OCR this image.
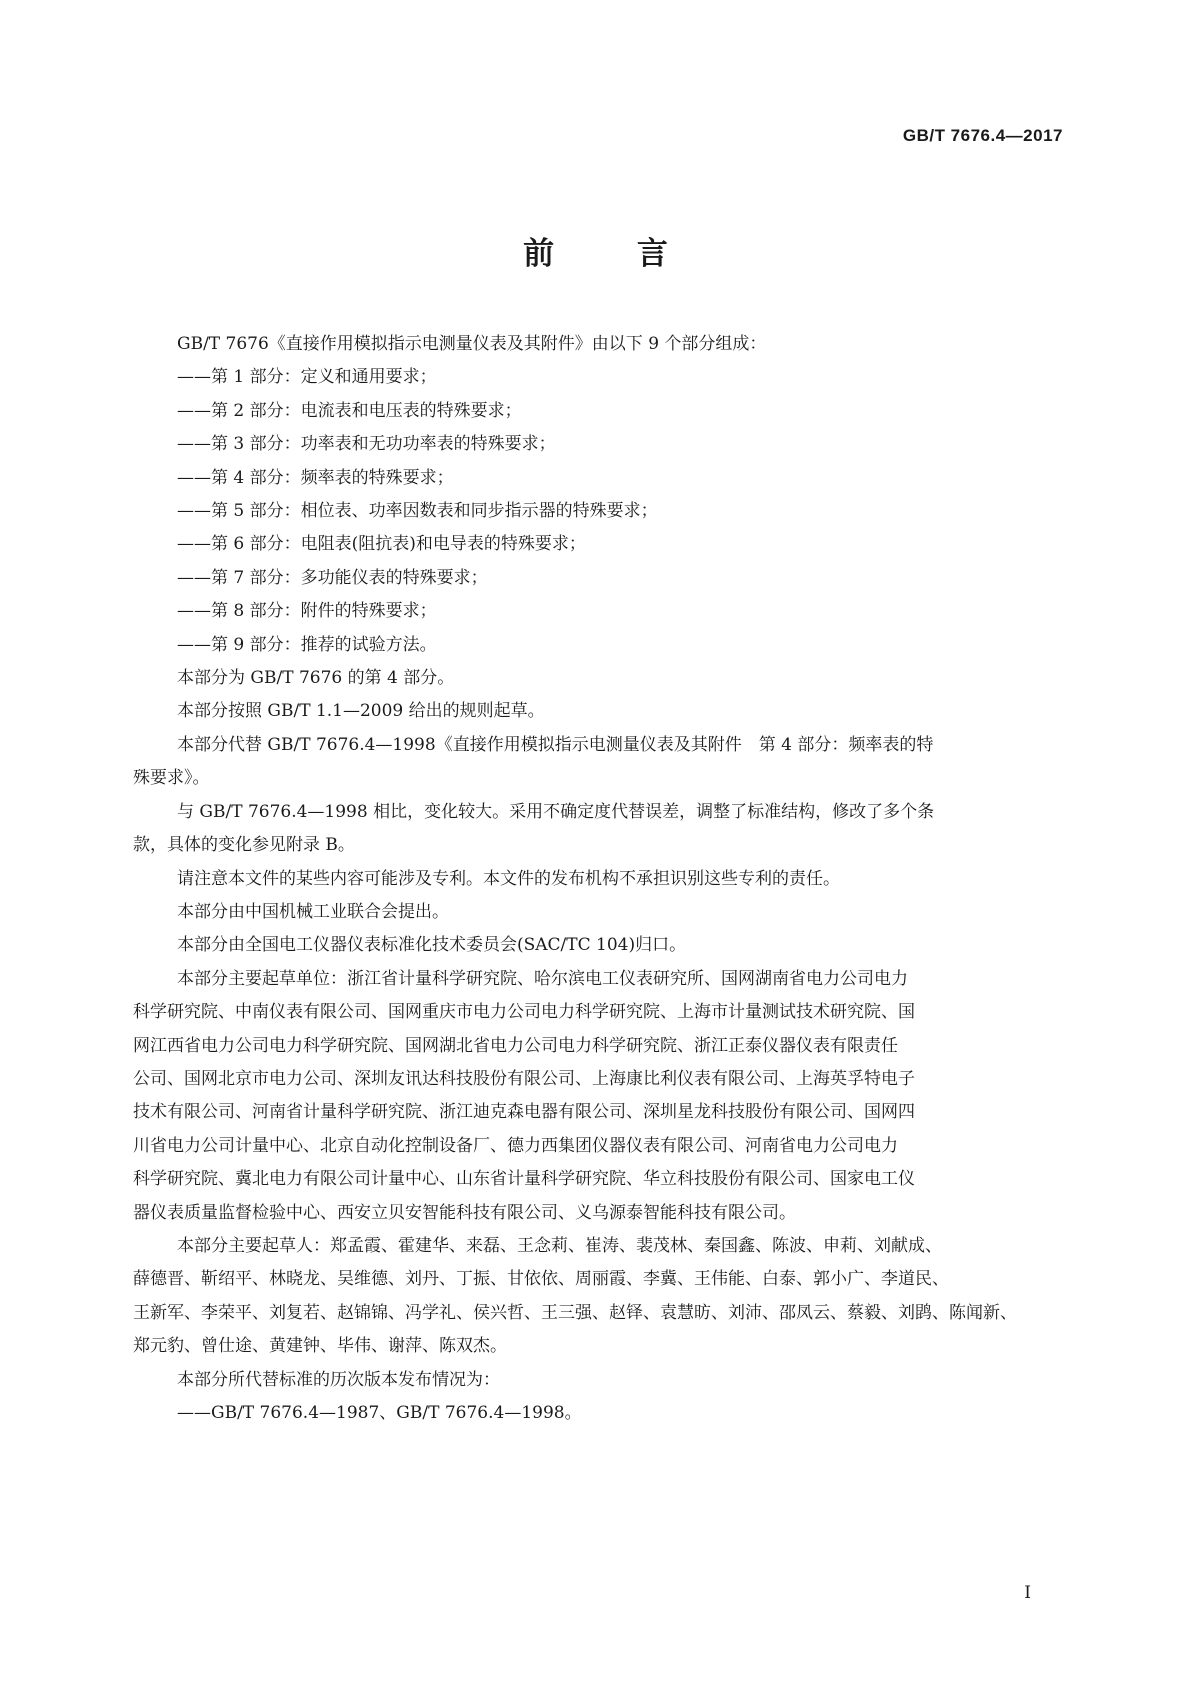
GB/T 7676.4—2017
前 言

GB/T 7676《直接作用模拟指示电测量仪表及其附件》由以下 9 个部分组成：

——第 1 部分：定义和通用要求；

——第 2 部分：电流表和电压表的特殊要求；

——第 3 部分：功率表和无功功率表的特殊要求；

——第 4 部分：频率表的特殊要求；

——第 5 部分：相位表、功率因数表和同步指示器的特殊要求；

——第 6 部分：电阻表(阻抗表)和电导表的特殊要求；

——第 7 部分：多功能仪表的特殊要求；

——第 8 部分：附件的特殊要求；

——第 9 部分：推荐的试验方法。

本部分为 GB/T 7676 的第 4 部分。

本部分按照 GB/T 1.1—2009 给出的规则起草。

本部分代替 GB/T 7676.4—1998《直接作用模拟指示电测量仪表及其附件　第 4 部分：频率表的特

殊要求》。

与 GB/T 7676.4—1998 相比，变化较大。采用不确定度代替误差，调整了标准结构，修改了多个条

款，具体的变化参见附录 B。

请注意本文件的某些内容可能涉及专利。本文件的发布机构不承担识别这些专利的责任。

本部分由中国机械工业联合会提出。

本部分由全国电工仪器仪表标准化技术委员会(SAC/TC 104)归口。

本部分主要起草单位：浙江省计量科学研究院、哈尔滨电工仪表研究所、国网湖南省电力公司电力

科学研究院、中南仪表有限公司、国网重庆市电力公司电力科学研究院、上海市计量测试技术研究院、国

网江西省电力公司电力科学研究院、国网湖北省电力公司电力科学研究院、浙江正泰仪器仪表有限责任

公司、国网北京市电力公司、深圳友讯达科技股份有限公司、上海康比利仪表有限公司、上海英孚特电子

技术有限公司、河南省计量科学研究院、浙江迪克森电器有限公司、深圳星龙科技股份有限公司、国网四

川省电力公司计量中心、北京自动化控制设备厂、德力西集团仪器仪表有限公司、河南省电力公司电力

科学研究院、冀北电力有限公司计量中心、山东省计量科学研究院、华立科技股份有限公司、国家电工仪

器仪表质量监督检验中心、西安立贝安智能科技有限公司、义乌源泰智能科技有限公司。

本部分主要起草人：郑孟霞、霍建华、来磊、王念莉、崔涛、裴茂林、秦国鑫、陈波、申莉、刘献成、

薛德晋、靳绍平、林晓龙、吴维德、刘丹、丁振、甘依依、周丽霞、李冀、王伟能、白泰、郭小广、李道民、

王新军、李荣平、刘复若、赵锦锦、冯学礼、侯兴哲、王三强、赵铎、袁慧昉、刘沛、邵凤云、蔡毅、刘鹍、陈闻新、

郑元豹、曾仕途、黄建钟、毕伟、谢萍、陈双杰。

本部分所代替标准的历次版本发布情况为：

——GB/T 7676.4—1987、GB/T 7676.4—1998。

I
